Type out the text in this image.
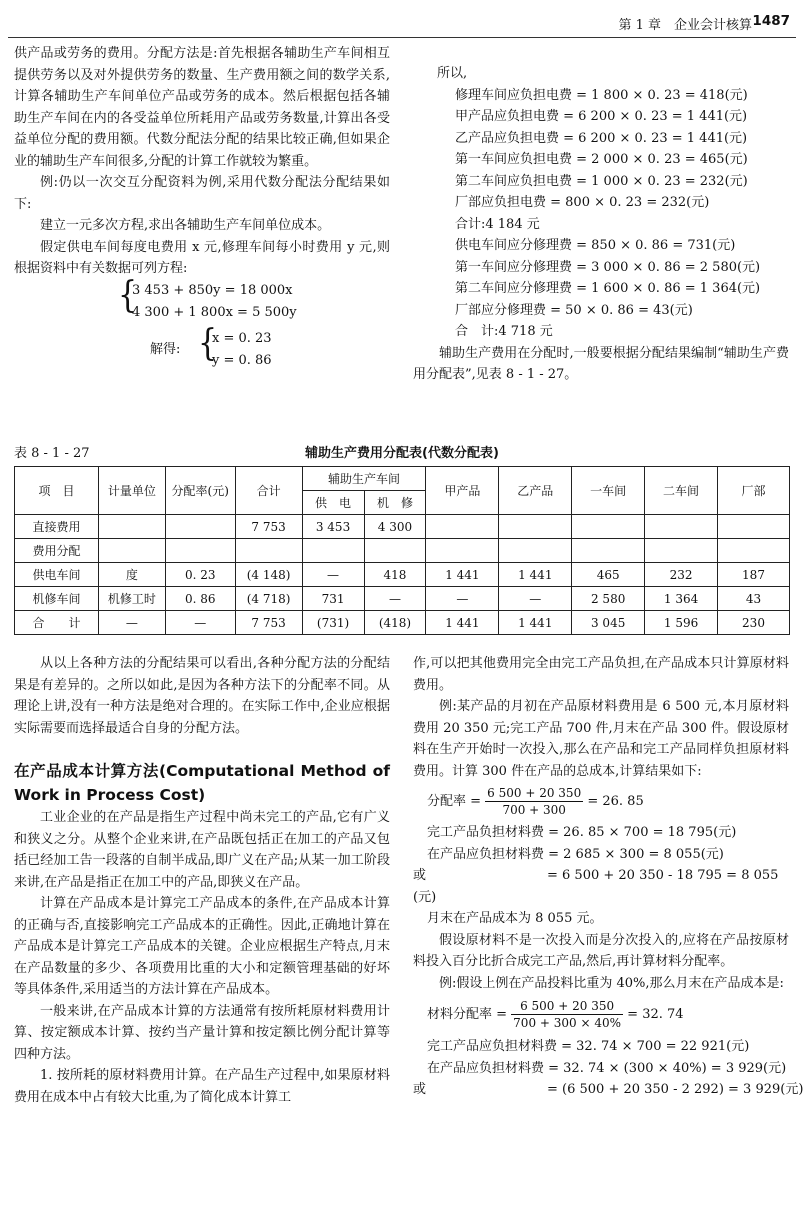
第 1 章　企业会计核算 1487

供产品或劳务的费用。分配方法是:首先根据各辅助生产车间相互提供劳务以及对外提供劳务的数量、生产费用额之间的数学关系,计算各辅助生产车间单位产品或劳务的成本。然后根据包括各辅助生产车间在内的各受益单位所耗用产品或劳务数量,计算出各受益单位分配的费用额。代数分配法分配的结果比较正确,但如果企业的辅助生产车间很多,分配的计算工作就较为繁重。

例:仍以一次交互分配资料为例,采用代数分配法分配结果如下:

建立一元多次方程,求出各辅助生产车间单位成本。

假定供电车间每度电费用 x 元,修理车间每小时费用 y 元,则根据资料中有关数据可列方程:

{
3 453 + 850y = 18 000x
4 300 + 1 800x = 5 500y
解得: {
x = 0. 23
y = 0. 86

所以,

修理车间应负担电费 = 1 800 × 0. 23 = 418(元)
甲产品应负担电费 = 6 200 × 0. 23 = 1 441(元)
乙产品应负担电费 = 6 200 × 0. 23 = 1 441(元)
第一车间应负担电费 = 2 000 × 0. 23 = 465(元)
第二车间应负担电费 = 1 000 × 0. 23 = 232(元)
厂部应负担电费 = 800 × 0. 23 = 232(元)
合计:4 184 元
供电车间应分修理费 = 850 × 0. 86 = 731(元)
第一车间应分修理费 = 3 000 × 0. 86 = 2 580(元)
第二车间应分修理费 = 1 600 × 0. 86 = 1 364(元)
厂部应分修理费 = 50 × 0. 86 = 43(元)
合　计:4 718 元

辅助生产费用在分配时,一般要根据分配结果编制“辅助生产费用分配表”,见表 8 - 1 - 27。

表 8 - 1 - 27	辅助生产费用分配表(代数分配表)
项　目	计量单位	分配率(元)	合计	辅助生产车间		甲产品	乙产品	一车间	二车间	厂部
				供　电	机　修					
直接费用			7 753	3 453	4 300					
费用分配										
供电车间	度	0. 23	(4 148)	—	418	1 441	1 441	465	232	187
机修车间	机修工时	0. 86	(4 718)	731	—	—	—	2 580	1 364	43
合　　计	—	—	7 753	(731)	(418)	1 441	1 441	3 045	1 596	230

从以上各种方法的分配结果可以看出,各种分配方法的分配结果是有差异的。之所以如此,是因为各种方法下的分配率不同。从理论上讲,没有一种方法是绝对合理的。在实际工作中,企业应根据实际需要而选择最适合自身的分配方法。

在产品成本计算方法(Computational Method of Work in Process Cost)

工业企业的在产品是指生产过程中尚未完工的产品,它有广义和狭义之分。从整个企业来讲,在产品既包括正在加工的产品又包括已经加工告一段落的自制半成品,即广义在产品;从某一加工阶段来讲,在产品是指正在加工中的产品,即狭义在产品。

计算在产品成本是计算完工产品成本的条件,在产品成本计算的正确与否,直接影响完工产品成本的正确性。因此,正确地计算在产品成本是计算完工产品成本的关键。企业应根据生产特点,月末在产品数量的多少、各项费用比重的大小和定额管理基础的好坏等具体条件,采用适当的方法计算在产品成本。

一般来讲,在产品成本计算的方法通常有按所耗原材料费用计算、按定额成本计算、按约当产量计算和按定额比例分配计算等四种方法。

1. 按所耗的原材料费用计算。在产品生产过程中,如果原材料费用在成本中占有较大比重,为了简化成本计算工

作,可以把其他费用完全由完工产品负担,在产品成本只计算原材料费用。

例:某产品的月初在产品原材料费用是 6 500 元,本月原材料费用 20 350 元;完工产品 700 件,月末在产品 300 件。假设原材料在生产开始时一次投入,那么在产品和完工产品同样负担原材料费用。计算 300 件在产品的总成本,计算结果如下:

分配率 = $\frac{6 500 + 20 350}{700 + 300} = 26$. 85
完工产品负担材料费 = 26. 85 × 700 = 18 795(元)
在产品应负担材料费 = 2 685 × 300 = 8 055(元)
或	= 6 500 + 20 350 - 18 795 = 8 055
(元)
月末在产品成本为 8 055 元。

假设原材料不是一次投入而是分次投入的,应将在产品按原材料投入百分比折合成完工产品,然后,再计算材料分配率。

例:假设上例在产品投料比重为 40%,那么月末在产品成本是:

材料分配率 = $\frac{6 500 + 20 350}{700 + 300 \times 40\%} = 32$. 74
完工产品应负担材料费 = 32. 74 × 700 = 22 921(元)
在产品应负担材料费 = 32. 74 × (300 × 40%) = 3 929(元)
或	= (6 500 + 20 350 - 2 292) = 3 929(元)
